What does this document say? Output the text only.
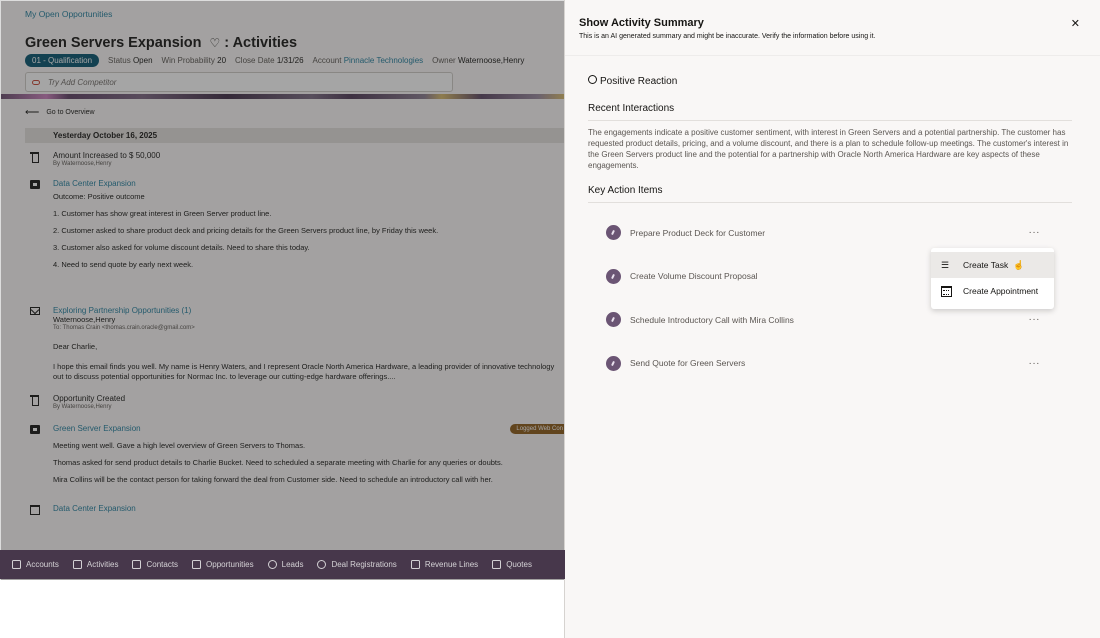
My Open Opportunities
Green Servers Expansion ♡ : Activities
01 - Qualification	Status Open Win Probability 20 Close Date 1/31/26 Account Pinnacle Technologies Owner Waternoose,Henry
Try Add Competitor
⟵ Go to Overview
Yesterday October 16, 2025
Amount Increased to $ 50,000
By Waternoose,Henry
Data Center Expansion
Outcome: Positive outcome
1. Customer has show great interest in Green Server product line.
2. Customer asked to share product deck and pricing details for the Green Servers product line, by Friday this week.
3. Customer also asked for volume discount details. Need to share this today.
4. Need to send quote by early next week.
Exploring Partnership Opportunities (1)
Waternoose,Henry
To: Thomas Crain <thomas.crain.oracle@gmail.com>
Dear Charlie,
I hope this email finds you well. My name is Henry Waters, and I represent Oracle North America Hardware, a leading provider of innovative technology
out to discuss potential opportunities for Normac Inc. to leverage our cutting-edge hardware offerings....
Opportunity Created
By Waternoose,Henry
Green Server Expansion
Meeting went well. Gave a high level overview of Green Servers to Thomas.
Thomas asked for send product details to Charlie Bucket. Need to scheduled a separate meeting with Charlie for any queries or doubts.
Mira Collins will be the contact person for taking forward the deal from Customer side. Need to schedule an introductory call with her.
Logged Web Con
Data Center Expansion
Accounts	Activities	Contacts	Opportunities	Leads	Deal Registrations	Revenue Lines	Quotes
Show Activity Summary
This is an AI generated summary and might be inaccurate. Verify the information before using it.
✕
Positive Reaction
Recent Interactions
The engagements indicate a positive customer sentiment, with interest in Green Servers and a potential partnership. The customer has requested product details, pricing, and a volume discount, and there is a plan to schedule follow-up meetings. The customer's interest in the Green Servers product line and the potential for a partnership with Oracle North America Hardware are key aspects of these engagements.
Key Action Items
Prepare Product Deck for Customer	···
Create Volume Discount Proposal
Schedule Introductory Call with Mira Collins	···
Send Quote for Green Servers	···
☰	Create Task ☝
Create Appointment
